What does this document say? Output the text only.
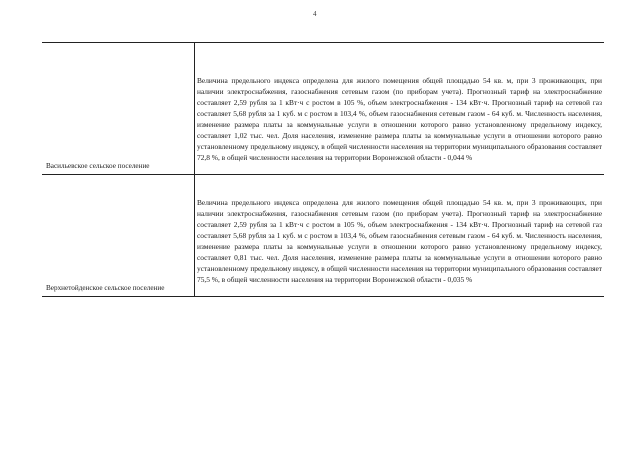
4
Васильевское сельское поселение
Величина предельного индекса определена для жилого помещения общей площадью 54 кв. м, при 3 проживающих, при наличии электроснабжения, газоснабжения сетевым газом (по приборам учета). Прогнозный тариф на электроснабжение составляет 2,59 рубля за 1 кВт·ч с ростом в 105 %, объем электроснабжения - 134 кВт·ч. Прогнозный тариф на сетевой газ составляет 5,68 рубля за 1 куб. м с ростом в 103,4 %, объем газоснабжения сетевым газом - 64 куб. м. Численность населения, изменение размера платы за коммунальные услуги в отношении которого равно установленному предельному индексу, составляет 1,02 тыс. чел. Доля населения, изменение размера платы за коммунальные услуги в отношении которого равно установленному предельному индексу, в общей численности населения на территории муниципального образования составляет 72,8 %, в общей численности населения на территории Воронежской области - 0,044 %
Верхнетойденское сельское поселение
Величина предельного индекса определена для жилого помещения общей площадью 54 кв. м, при 3 проживающих, при наличии электроснабжения, газоснабжения сетевым газом (по приборам учета). Прогнозный тариф на электроснабжение составляет 2,59 рубля за 1 кВт·ч с ростом в 105 %, объем электроснабжения - 134 кВт·ч. Прогнозный тариф на сетевой газ составляет 5,68 рубля за 1 куб. м с ростом в 103,4 %, объем газоснабжения сетевым газом - 64 куб. м. Численность населения, изменение размера платы за коммунальные услуги в отношении которого равно установленному предельному индексу, составляет 0,81 тыс. чел. Доля населения, изменение размера платы за коммунальные услуги в отношении которого равно установленному предельному индексу, в общей численности населения на территории муниципального образования составляет 75,5 %, в общей численности населения на территории Воронежской области - 0,035 %
